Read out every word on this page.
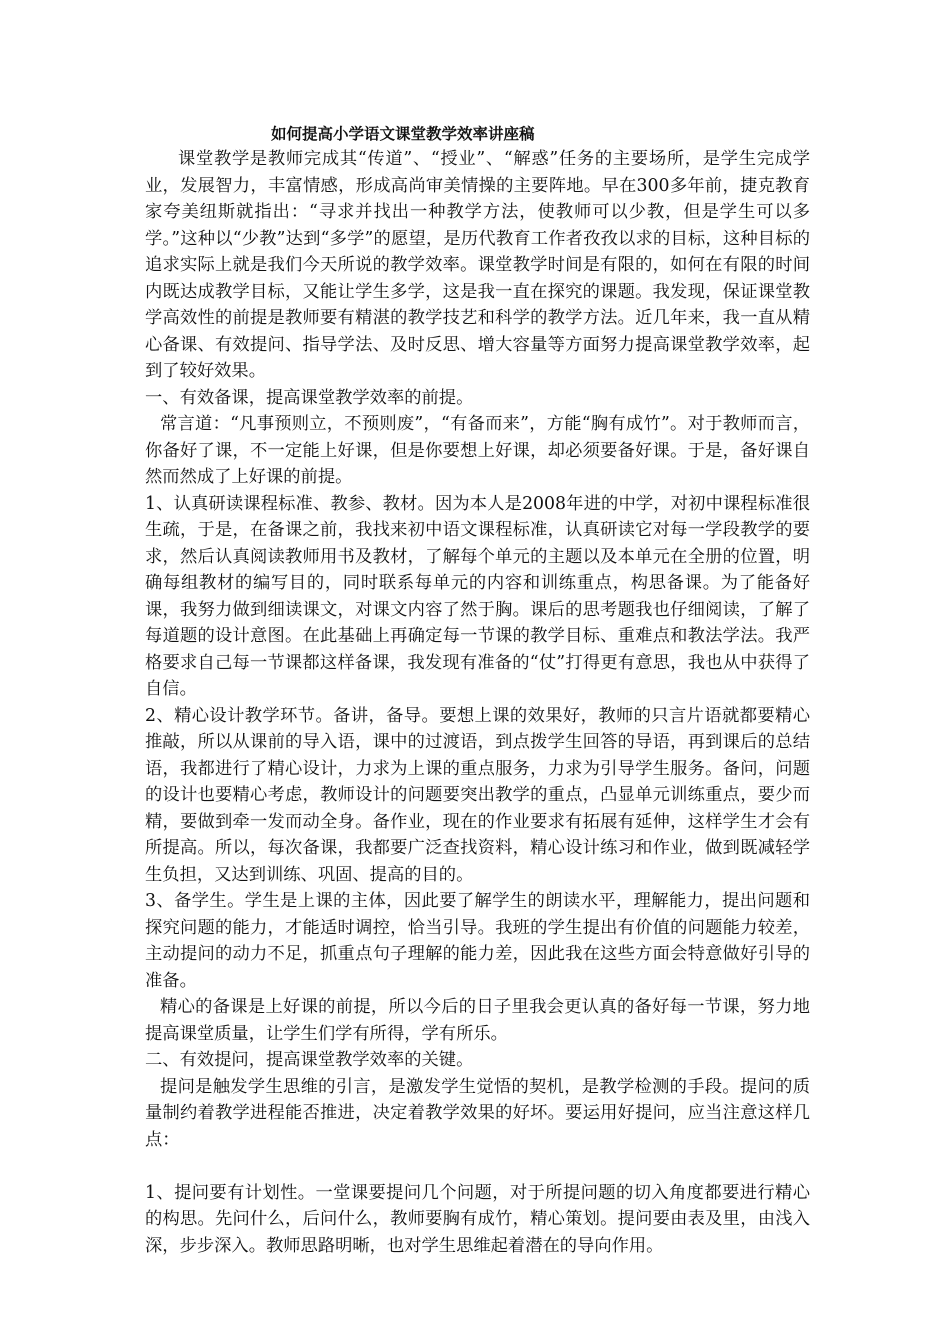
如何提高小学语文课堂教学效率讲座稿

课堂教学是教师完成其“传道”、“授业”、“解惑”任务的主要场所，是学生完成学业，发展智力，丰富情感，形成高尚审美情操的主要阵地。早在300多年前，捷克教育家夸美纽斯就指出：“寻求并找出一种教学方法，使教师可以少教，但是学生可以多学。”这种以“少教”达到“多学”的愿望，是历代教育工作者孜孜以求的目标，这种目标的追求实际上就是我们今天所说的教学效率。课堂教学时间是有限的，如何在有限的时间内既达成教学目标，又能让学生多学，这是我一直在探究的课题。我发现，保证课堂教学高效性的前提是教师要有精湛的教学技艺和科学的教学方法。近几年来，我一直从精心备课、有效提问、指导学法、及时反思、增大容量等方面努力提高课堂教学效率，起到了较好效果。

一、有效备课，提高课堂教学效率的前提。

常言道：“凡事预则立，不预则废”，“有备而来”，方能“胸有成竹”。对于教师而言，你备好了课，不一定能上好课，但是你要想上好课，却必须要备好课。于是，备好课自然而然成了上好课的前提。

1、认真研读课程标准、教参、教材。因为本人是2008年进的中学，对初中课程标准很生疏，于是，在备课之前，我找来初中语文课程标准，认真研读它对每一学段教学的要求，然后认真阅读教师用书及教材，了解每个单元的主题以及本单元在全册的位置，明确每组教材的编写目的，同时联系每单元的内容和训练重点，构思备课。为了能备好课，我努力做到细读课文，对课文内容了然于胸。课后的思考题我也仔细阅读，了解了每道题的设计意图。在此基础上再确定每一节课的教学目标、重难点和教法学法。我严格要求自己每一节课都这样备课，我发现有准备的“仗”打得更有意思，我也从中获得了自信。

2、精心设计教学环节。备讲，备导。要想上课的效果好，教师的只言片语就都要精心推敲，所以从课前的导入语，课中的过渡语，到点拨学生回答的导语，再到课后的总结语，我都进行了精心设计，力求为上课的重点服务，力求为引导学生服务。备问，问题的设计也要精心考虑，教师设计的问题要突出教学的重点，凸显单元训练重点，要少而精，要做到牵一发而动全身。备作业，现在的作业要求有拓展有延伸，这样学生才会有所提高。所以，每次备课，我都要广泛查找资料，精心设计练习和作业，做到既减轻学生负担，又达到训练、巩固、提高的目的。

3、备学生。学生是上课的主体，因此要了解学生的朗读水平，理解能力，提出问题和探究问题的能力，才能适时调控，恰当引导。我班的学生提出有价值的问题能力较差，主动提问的动力不足，抓重点句子理解的能力差，因此我在这些方面会特意做好引导的准备。

精心的备课是上好课的前提，所以今后的日子里我会更认真的备好每一节课，努力地提高课堂质量，让学生们学有所得，学有所乐。

二、有效提问，提高课堂教学效率的关键。

提问是触发学生思维的引言，是激发学生觉悟的契机，是教学检测的手段。提问的质量制约着教学进程能否推进，决定着教学效果的好坏。要运用好提问，应当注意这样几点：

1、提问要有计划性。一堂课要提问几个问题，对于所提问题的切入角度都要进行精心的构思。先问什么，后问什么，教师要胸有成竹，精心策划。提问要由表及里，由浅入深，步步深入。教师思路明晰，也对学生思维起着潜在的导向作用。
